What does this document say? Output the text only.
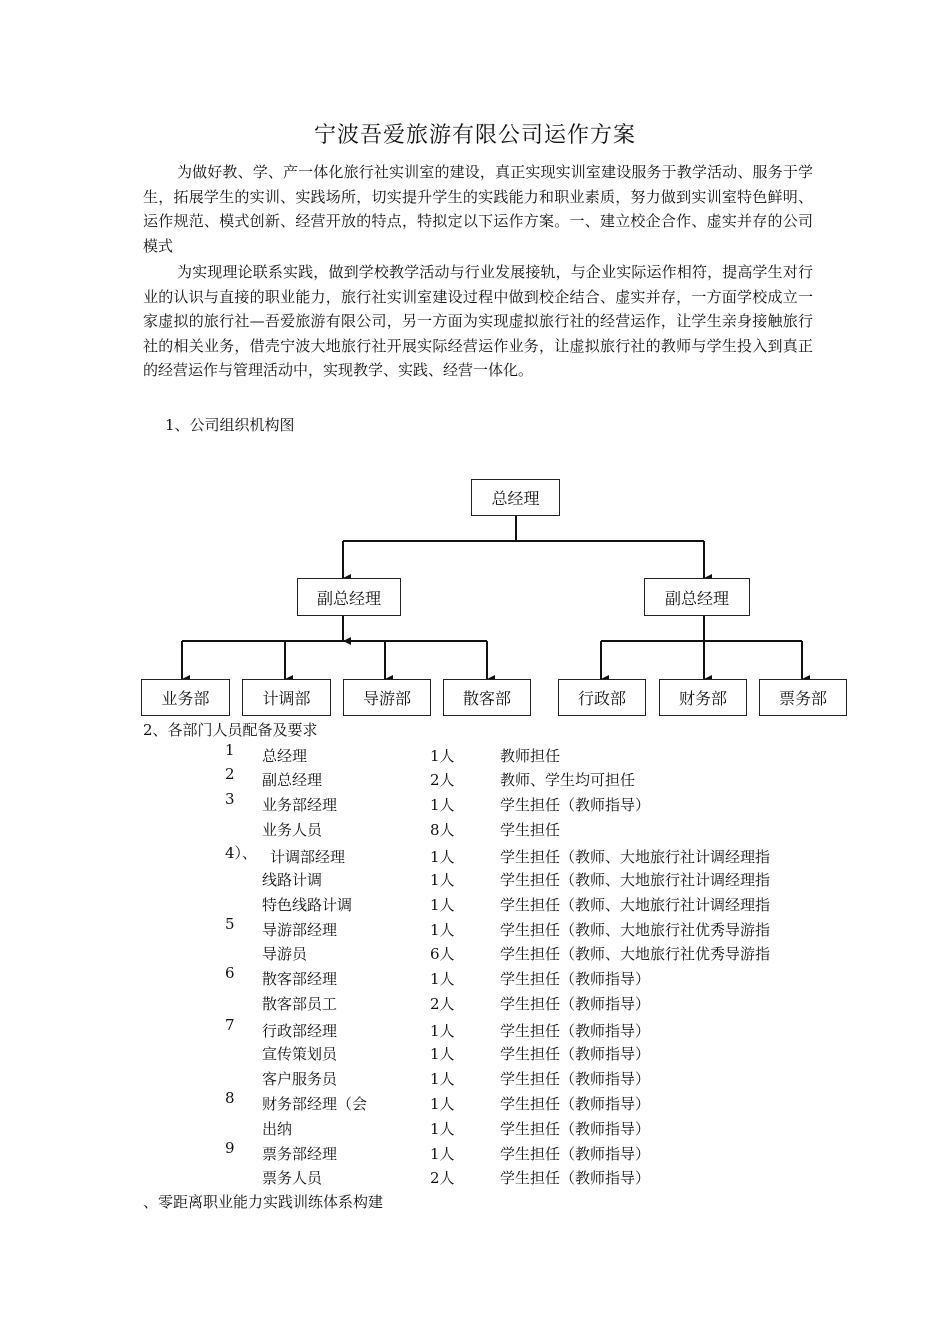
宁波吾爱旅游有限公司运作方案

为做好教、学、产一体化旅行社实训室的建设，真正实现实训室建设服务于教学活动、服务于学生，拓展学生的实训、实践场所，切实提升学生的实践能力和职业素质，努力做到实训室特色鲜明、运作规范、模式创新、经营开放的特点，特拟定以下运作方案。一、建立校企合作、虚实并存的公司模式

为实现理论联系实践，做到学校教学活动与行业发展接轨，与企业实际运作相符，提高学生对行业的认识与直接的职业能力，旅行社实训室建设过程中做到校企结合、虚实并存，一方面学校成立一家虚拟的旅行社—吾爱旅游有限公司，另一方面为实现虚拟旅行社的经营运作，让学生亲身接触旅行社的相关业务，借壳宁波大地旅行社开展实际经营运作业务，让虚拟旅行社的教师与学生投入到真正的经营运作与管理活动中，实现教学、实践、经营一体化。

1、公司组织机构图
总经理
副总经理	副总经理
业务部	计调部	导游部	散客部	行政部	财务部	票务部
2、各部门人员配备及要求
1 总经理	1人	教师担任
2 副总经理	2人	教师、学生均可担任
3 业务部经理	1人	学生担任（教师指导）
业务人员	8人	学生担任
4）、 计调部经理	1人	学生担任（教师、大地旅行社计调经理指
线路计调	1人	学生担任（教师、大地旅行社计调经理指
特色线路计调	1人	学生担任（教师、大地旅行社计调经理指
5 导游部经理	1人	学生担任（教师、大地旅行社优秀导游指
导游员	6人	学生担任（教师、大地旅行社优秀导游指
6 散客部经理	1人	学生担任（教师指导）
散客部员工	2人	学生担任（教师指导）
7 行政部经理	1人	学生担任（教师指导）
宣传策划员	1人	学生担任（教师指导）
客户服务员	1人	学生担任（教师指导）
8 财务部经理（会	1人	学生担任（教师指导）
出纳	1人	学生担任（教师指导）
9 票务部经理	1人	学生担任（教师指导）
票务人员	2人	学生担任（教师指导）
、零距离职业能力实践训练体系构建
